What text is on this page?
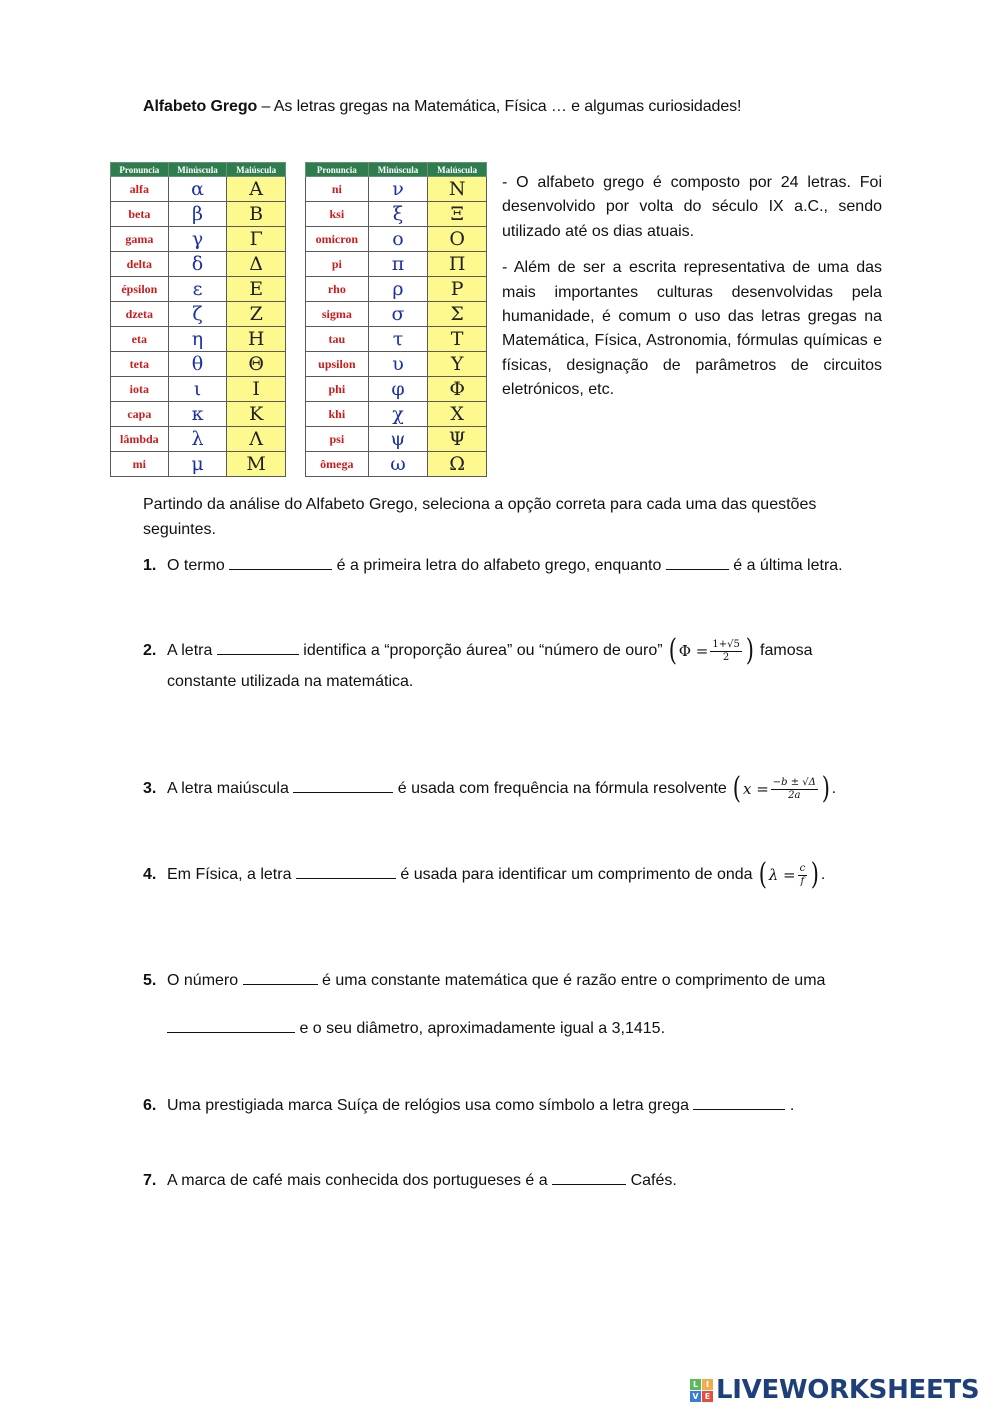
Alfabeto Grego – As letras gregas na Matemática, Física … e algumas curiosidades!
Pronuncia	Minúscula	Maiúscula
alfa	α	Α
beta	β	Β
gama	γ	Γ
delta	δ	Δ
épsilon	ε	Ε
dzeta	ζ	Ζ
eta	η	Η
teta	θ	Θ
iota	ι	Ι
capa	κ	Κ
lâmbda	λ	Λ
mi	μ	Μ
Pronuncia	Minúscula	Maiúscula
ni	ν	Ν
ksi	ξ	Ξ
omicron	ο	Ο
pi	π	Π
rho	ρ	Ρ
sigma	σ	Σ
tau	τ	Τ
upsilon	υ	Υ
phi	φ	Φ
khi	χ	Χ
psi	ψ	Ψ
ômega	ω	Ω

- O alfabeto grego é composto por 24 letras. Foi desenvolvido por volta do século IX a.C., sendo utilizado até os dias atuais.

- Além de ser a escrita representativa de uma das mais importantes culturas desenvolvidas pela humanidade, é comum o uso das letras gregas na Matemática, Física, Astronomia, fórmulas químicas e físicas, designação de parâmetros de circuitos eletrónicos, etc.

Partindo da análise do Alfabeto Grego, seleciona a opção correta para cada uma das questões seguintes.
1. O termo	é a primeira letra do alfabeto grego, enquanto	é a última letra.
2. A letra	identifica a “proporção áurea” ou “número de ouro” ( $\Phi = \frac{1+√5}{2}$ ) famosa
constante utilizada na matemática.
3. A letra maiúscula	é usada com frequência na fórmula resolvente ( $x = \frac{-b \pm √\Delta}{2a}$ ) .
4. Em Física, a letra	é usada para identificar um comprimento de onda ( $\lambda = \frac{c}{f}$ ) .
5. O número	é uma constante matemática que é razão entre o comprimento de uma
e o seu diâmetro, aproximadamente igual a 3,1415.
6. Uma prestigiada marca Suíça de relógios usa como símbolo a letra grega	.
7. A marca de café mais conhecida dos portugueses é a	Cafés.
L I
V E LIVEWORKSHEETS
